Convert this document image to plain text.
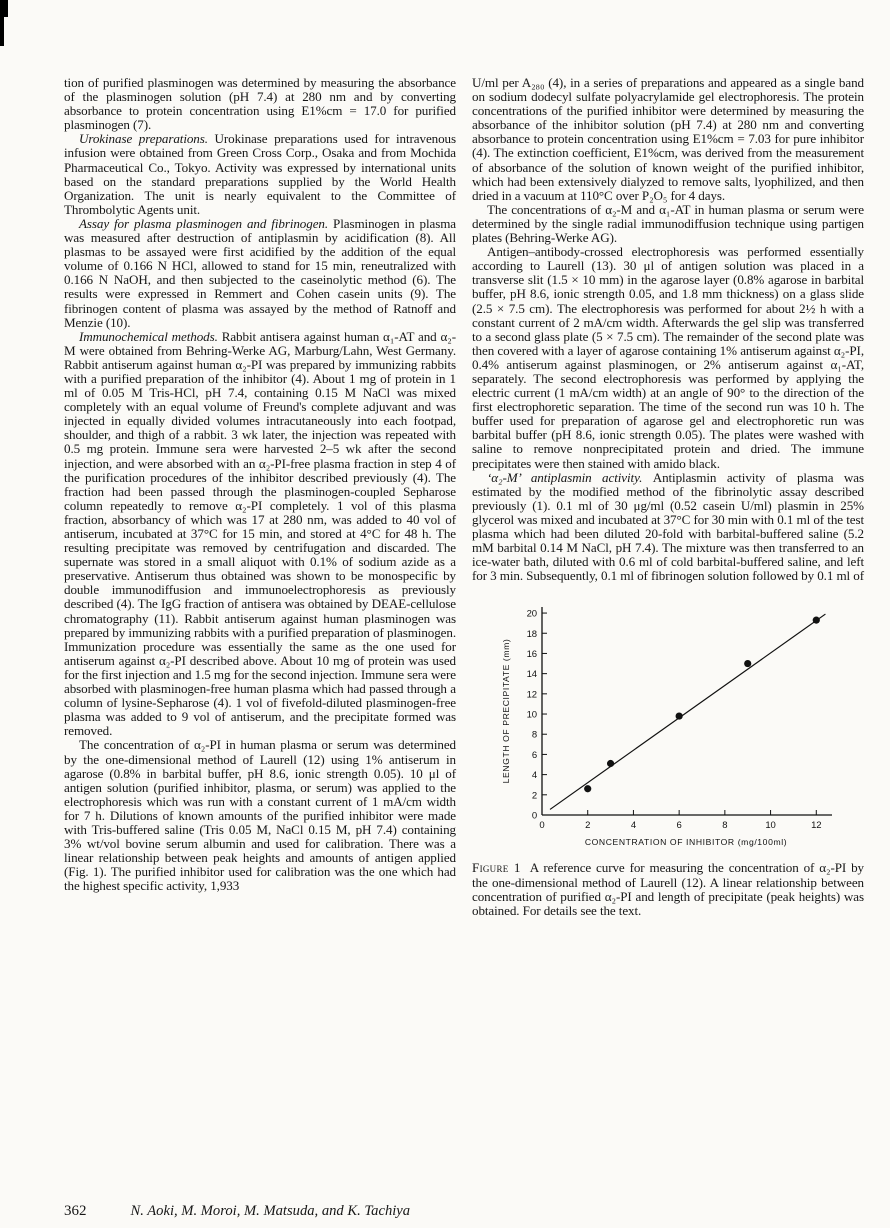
tion of purified plasminogen was determined by measuring the absorbance of the plasminogen solution (pH 7.4) at 280 nm and by converting absorbance to protein concentration using E1%cm = 17.0 for purified plasminogen (7).

Urokinase preparations. Urokinase preparations used for intravenous infusion were obtained from Green Cross Corp., Osaka and from Mochida Pharmaceutical Co., Tokyo. Activity was expressed by international units based on the standard preparations supplied by the World Health Organization. The unit is nearly equivalent to the Committee of Thrombolytic Agents unit.

Assay for plasma plasminogen and fibrinogen. Plasminogen in plasma was measured after destruction of antiplasmin by acidification (8). All plasmas to be assayed were first acidified by the addition of the equal volume of 0.166 N HCl, allowed to stand for 15 min, reneutralized with 0.166 N NaOH, and then subjected to the caseinolytic method (6). The results were expressed in Remmert and Cohen casein units (9). The fibrinogen content of plasma was assayed by the method of Ratnoff and Menzie (10).

Immunochemical methods. Rabbit antisera against human α₁-AT and α₂-M were obtained from Behring-Werke AG, Marburg/Lahn, West Germany. Rabbit antiserum against human α₂-PI was prepared by immunizing rabbits with a purified preparation of the inhibitor (4). About 1 mg of protein in 1 ml of 0.05 M Tris-HCl, pH 7.4, containing 0.15 M NaCl was mixed completely with an equal volume of Freund's complete adjuvant and was injected in equally divided volumes intracutaneously into each footpad, shoulder, and thigh of a rabbit. 3 wk later, the injection was repeated with 0.5 mg protein. Immune sera were harvested 2–5 wk after the second injection, and were absorbed with an α₂-PI-free plasma fraction in step 4 of the purification procedures of the inhibitor described previously (4). The fraction had been passed through the plasminogen-coupled Sepharose column repeatedly to remove α₂-PI completely. 1 vol of this plasma fraction, absorbancy of which was 17 at 280 nm, was added to 40 vol of antiserum, incubated at 37°C for 15 min, and stored at 4°C for 48 h. The resulting precipitate was removed by centrifugation and discarded. The supernate was stored in a small aliquot with 0.1% of sodium azide as a preservative. Antiserum thus obtained was shown to be monospecific by double immunodiffusion and immunoelectrophoresis as previously described (4). The IgG fraction of antisera was obtained by DEAE-cellulose chromatography (11). Rabbit antiserum against human plasminogen was prepared by immunizing rabbits with a purified preparation of plasminogen. Immunization procedure was essentially the same as the one used for antiserum against α₂-PI described above. About 10 mg of protein was used for the first injection and 1.5 mg for the second injection. Immune sera were absorbed with plasminogen-free human plasma which had passed through a column of lysine-Sepharose (4). 1 vol of fivefold-diluted plasminogen-free plasma was added to 9 vol of antiserum, and the precipitate formed was removed.

The concentration of α₂-PI in human plasma or serum was determined by the one-dimensional method of Laurell (12) using 1% antiserum in agarose (0.8% in barbital buffer, pH 8.6, ionic strength 0.05). 10 μl of antigen solution (purified inhibitor, plasma, or serum) was applied to the electrophoresis which was run with a constant current of 1 mA/cm width for 7 h. Dilutions of known amounts of the purified inhibitor were made with Tris-buffered saline (Tris 0.05 M, NaCl 0.15 M, pH 7.4) containing 3% wt/vol bovine serum albumin and used for calibration. There was a linear relationship between peak heights and amounts of antigen applied (Fig. 1). The purified inhibitor used for calibration was the one which had the highest specific activity, 1,933

U/ml per A₂₈₀ (4), in a series of preparations and appeared as a single band on sodium dodecyl sulfate polyacrylamide gel electrophoresis. The protein concentrations of the purified inhibitor were determined by measuring the absorbance of the inhibitor solution (pH 7.4) at 280 nm and converting absorbance to protein concentration using E1%cm = 7.03 for pure inhibitor (4). The extinction coefficient, E1%cm, was derived from the measurement of absorbance of the solution of known weight of the purified inhibitor, which had been extensively dialyzed to remove salts, lyophilized, and then dried in a vacuum at 110°C over P₂O₅ for 4 days.

The concentrations of α₂-M and α₁-AT in human plasma or serum were determined by the single radial immunodiffusion technique using partigen plates (Behring-Werke AG).

Antigen–antibody-crossed electrophoresis was performed essentially according to Laurell (13). 30 μl of antigen solution was placed in a transverse slit (1.5 × 10 mm) in the agarose layer (0.8% agarose in barbital buffer, pH 8.6, ionic strength 0.05, and 1.8 mm thickness) on a glass slide (2.5 × 7.5 cm). The electrophoresis was performed for about 2½ h with a constant current of 2 mA/cm width. Afterwards the gel slip was transferred to a second glass plate (5 × 7.5 cm). The remainder of the second plate was then covered with a layer of agarose containing 1% antiserum against α₂-PI, 0.4% antiserum against plasminogen, or 2% antiserum against α₁-AT, separately. The second electrophoresis was performed by applying the electric current (1 mA/cm width) at an angle of 90° to the direction of the first electrophoretic separation. The time of the second run was 10 h. The buffer used for preparation of agarose gel and electrophoretic run was barbital buffer (pH 8.6, ionic strength 0.05). The plates were washed with saline to remove nonprecipitated protein and dried. The immune precipitates were then stained with amido black.

‘α₂-M’ antiplasmin activity. Antiplasmin activity of plasma was estimated by the modified method of the fibrinolytic assay described previously (1). 0.1 ml of 30 μg/ml (0.52 casein U/ml) plasmin in 25% glycerol was mixed and incubated at 37°C for 30 min with 0.1 ml of the test plasma which had been diluted 20-fold with barbital-buffered saline (5.2 mM barbital 0.14 M NaCl, pH 7.4). The mixture was then transferred to an ice-water bath, diluted with 0.6 ml of cold barbital-buffered saline, and left for 3 min. Subsequently, 0.1 ml of fibrinogen solution followed by 0.1 ml of

0
2
4
6
8
10
12
14
16
18
20
0	2	4	6	8	10	12
CONCENTRATION OF INHIBITOR (mg/100ml)
LENGTH OF PRECIPITATE (mm)

Figure 1 A reference curve for measuring the concentration of α₂-PI by the one-dimensional method of Laurell (12). A linear relationship between concentration of purified α₂-PI and length of precipitate (peak heights) was obtained. For details see the text.

362	N. Aoki, M. Moroi, M. Matsuda, and K. Tachiya
